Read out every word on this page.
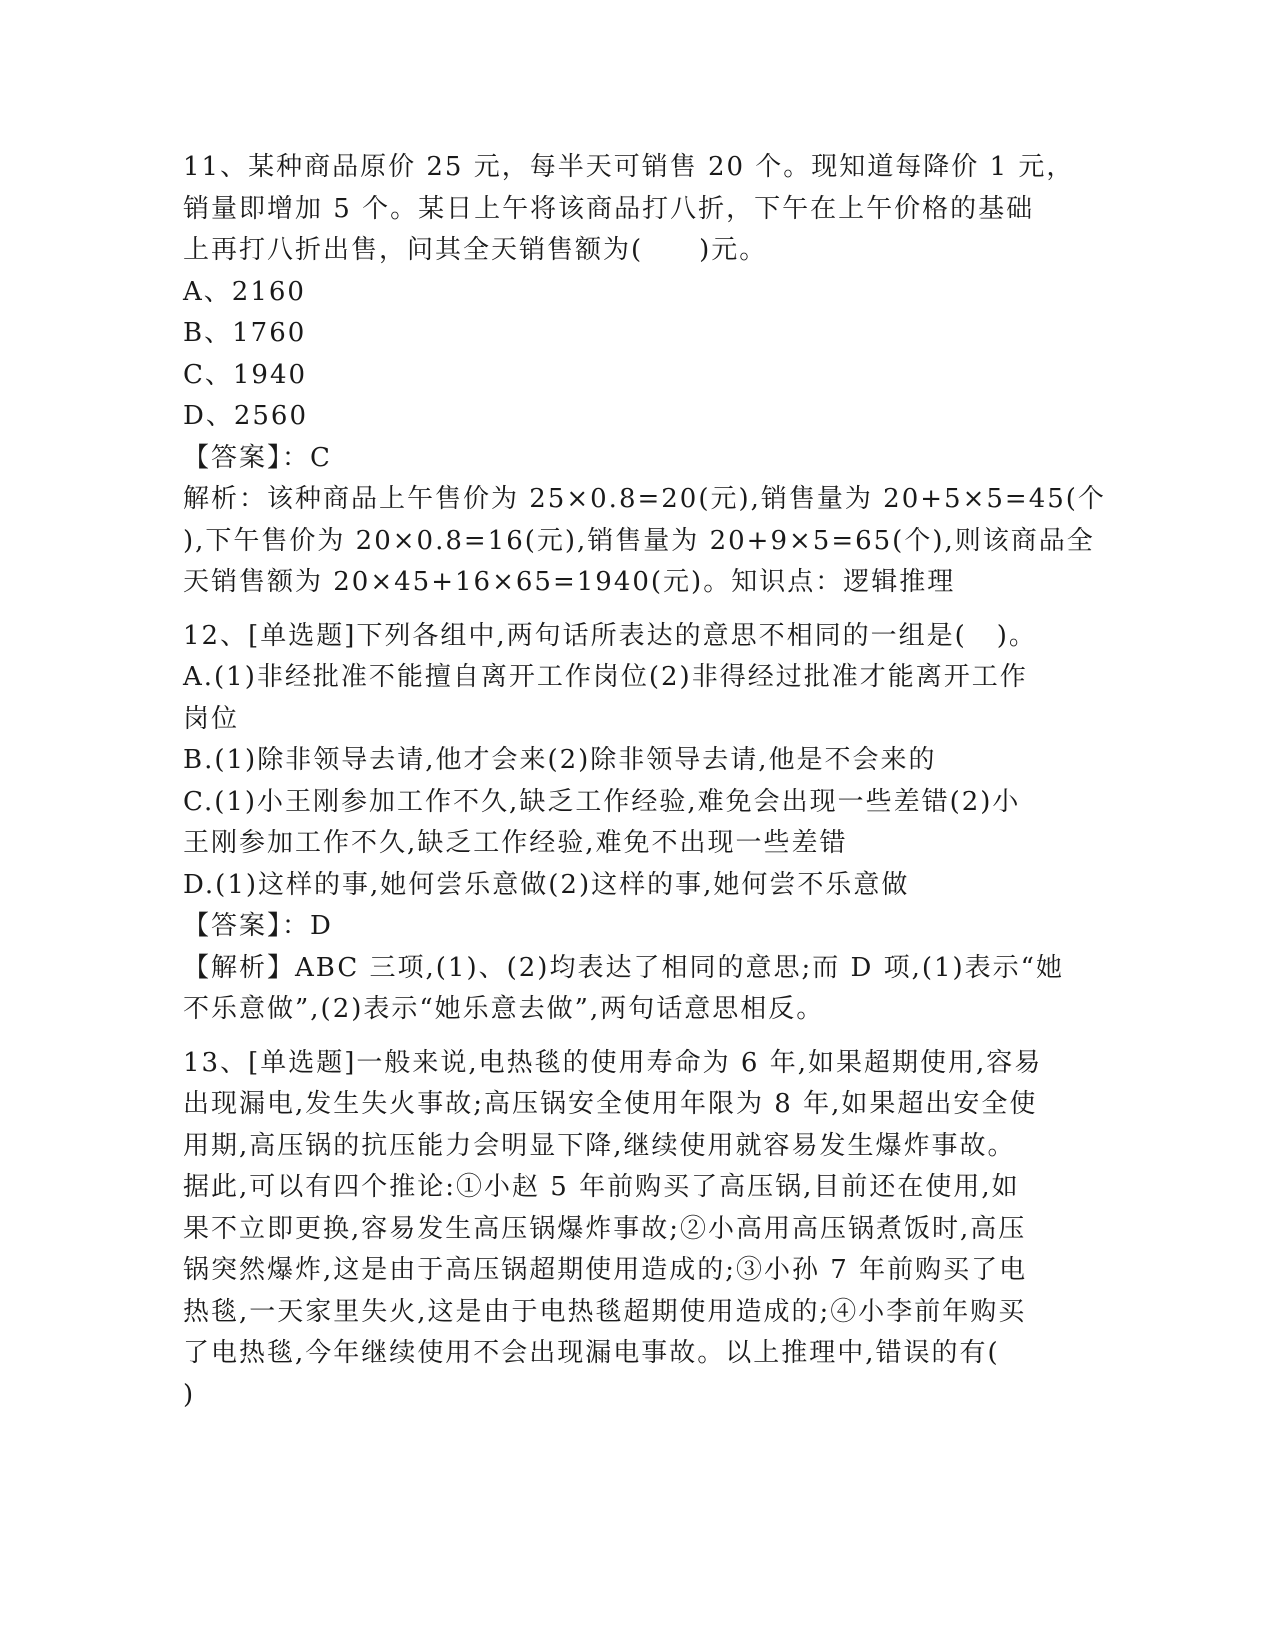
11、某种商品原价 25 元，每半天可销售 20 个。现知道每降价 1 元，
销量即增加 5 个。某日上午将该商品打八折，下午在上午价格的基础
上再打八折出售，问其全天销售额为(  )元。
A、2160
B、1760
C、1940
D、2560
【答案】：C
解析：该种商品上午售价为 25×0.8=20(元),销售量为 20+5×5=45(个
),下午售价为 20×0.8=16(元),销售量为 20+9×5=65(个),则该商品全
天销售额为 20×45+16×65=1940(元)。知识点：逻辑推理
12、[单选题]下列各组中,两句话所表达的意思不相同的一组是(  )。
A.(1)非经批准不能擅自离开工作岗位(2)非得经过批准才能离开工作
岗位
B.(1)除非领导去请,他才会来(2)除非领导去请,他是不会来的
C.(1)小王刚参加工作不久,缺乏工作经验,难免会出现一些差错(2)小
王刚参加工作不久,缺乏工作经验,难免不出现一些差错
D.(1)这样的事,她何尝乐意做(2)这样的事,她何尝不乐意做
【答案】：D
【解析】ABC 三项,(1)、(2)均表达了相同的意思;而 D 项,(1)表示“她
不乐意做”,(2)表示“她乐意去做”,两句话意思相反。
13、[单选题]一般来说,电热毯的使用寿命为 6 年,如果超期使用,容易
出现漏电,发生失火事故;高压锅安全使用年限为 8 年,如果超出安全使
用期,高压锅的抗压能力会明显下降,继续使用就容易发生爆炸事故。
据此,可以有四个推论:①小赵 5 年前购买了高压锅,目前还在使用,如
果不立即更换,容易发生高压锅爆炸事故;②小高用高压锅煮饭时,高压
锅突然爆炸,这是由于高压锅超期使用造成的;③小孙 7 年前购买了电
热毯,一天家里失火,这是由于电热毯超期使用造成的;④小李前年购买
了电热毯,今年继续使用不会出现漏电事故。以上推理中,错误的有(
)
